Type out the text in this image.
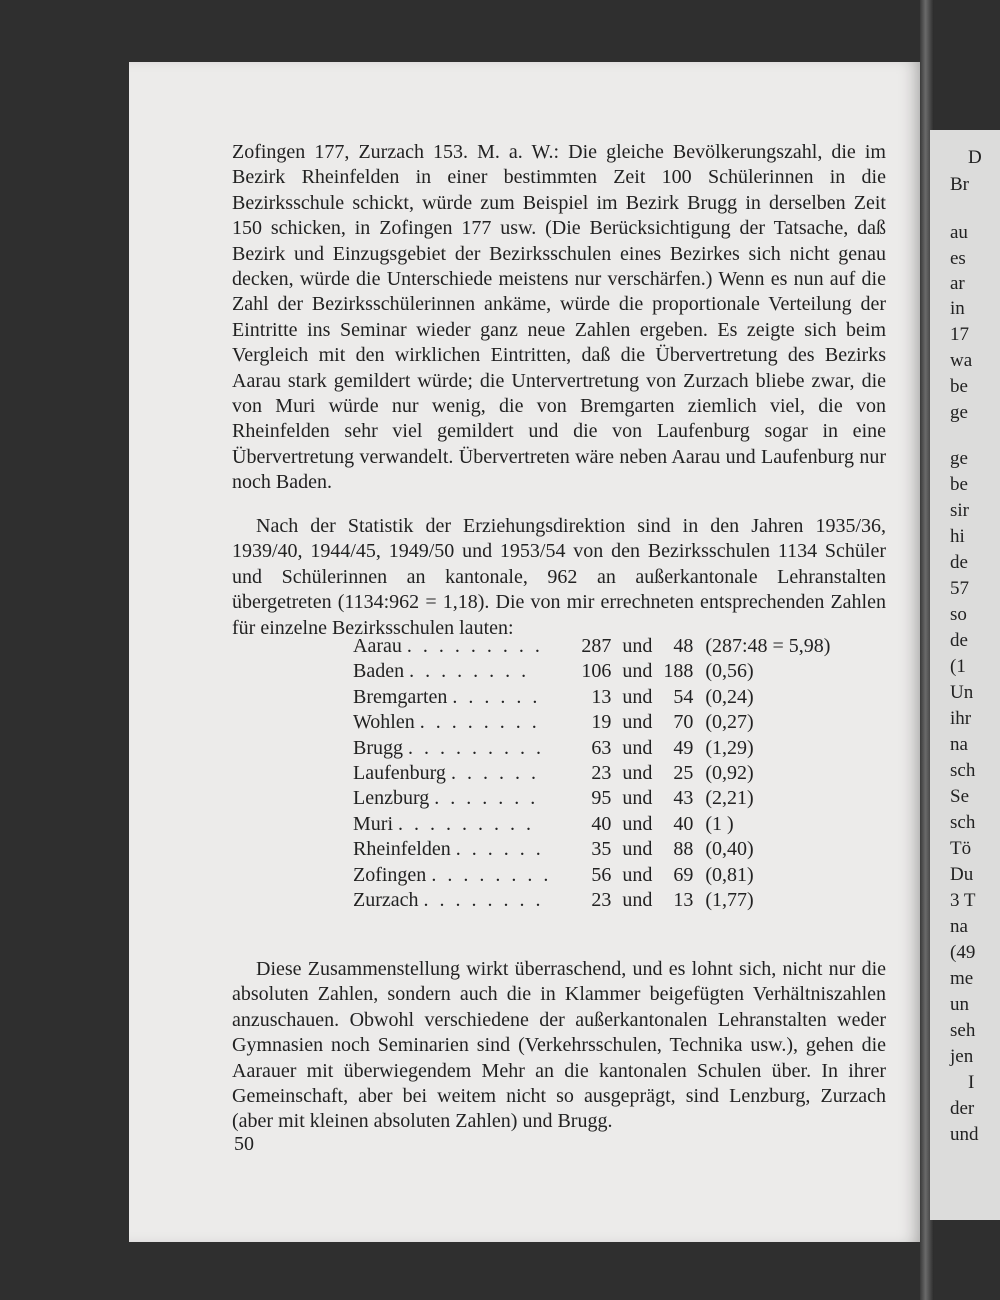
Zofingen 177, Zurzach 153. M. a. W.: Die gleiche Bevölkerungszahl, die im Bezirk Rheinfelden in einer bestimmten Zeit 100 Schülerinnen in die Bezirksschule schickt, würde zum Beispiel im Bezirk Brugg in derselben Zeit 150 schicken, in Zofingen 177 usw. (Die Berücksichtigung der Tatsache, daß Bezirk und Einzugsgebiet der Bezirksschulen eines Bezirkes sich nicht genau decken, würde die Unterschiede meistens nur verschärfen.) Wenn es nun auf die Zahl der Bezirksschülerinnen ankäme, würde die proportionale Verteilung der Eintritte ins Seminar wieder ganz neue Zahlen ergeben. Es zeigte sich beim Vergleich mit den wirklichen Eintritten, daß die Übervertretung des Bezirks Aarau stark gemildert würde; die Untervertretung von Zurzach bliebe zwar, die von Muri würde nur wenig, die von Bremgarten ziemlich viel, die von Rheinfelden sehr viel gemildert und die von Laufenburg sogar in eine Übervertretung verwandelt. Übervertreten wäre neben Aarau und Laufenburg nur noch Baden.

Nach der Statistik der Erziehungsdirektion sind in den Jahren 1935/36, 1939/40, 1944/45, 1949/50 und 1953/54 von den Bezirksschulen 1134 Schüler und Schülerinnen an kantonale, 962 an außerkantonale Lehranstalten übergetreten (1134:962 = 1,18). Die von mir errechneten entsprechenden Zahlen für einzelne Bezirksschulen lauten:

Aarau . . . . . . . . .	287	und	48	(287:48 = 5,98)
Baden . . . . . . . .	106	und	188	(0,56)
Bremgarten . . . . . .	13	und	54	(0,24)
Wohlen . . . . . . . .	19	und	70	(0,27)
Brugg . . . . . . . . .	63	und	49	(1,29)
Laufenburg . . . . . .	23	und	25	(0,92)
Lenzburg . . . . . . .	95	und	43	(2,21)
Muri . . . . . . . . .	40	und	40	(1 )
Rheinfelden . . . . . .	35	und	88	(0,40)
Zofingen . . . . . . . .	56	und	69	(0,81)
Zurzach . . . . . . . .	23	und	13	(1,77)

Diese Zusammenstellung wirkt überraschend, und es lohnt sich, nicht nur die absoluten Zahlen, sondern auch die in Klammer beigefügten Verhältniszahlen anzuschauen. Obwohl verschiedene der außerkantonalen Lehranstalten weder Gymnasien noch Seminarien sind (Verkehrsschulen, Technika usw.), gehen die Aarauer mit überwiegendem Mehr an die kantonalen Schulen über. In ihrer Gemeinschaft, aber bei weitem nicht so ausgeprägt, sind Lenzburg, Zurzach (aber mit kleinen absoluten Zahlen) und Brugg.

50
D
Br
au
es
ar
in
17
wa
be
ge
ge
be
sir
hi
de
57
so
de
(1
Un
ihr
na
sch
Se
sch
Tö
Du
3 T
na
(49
me
un
seh
jen
I
der
und
